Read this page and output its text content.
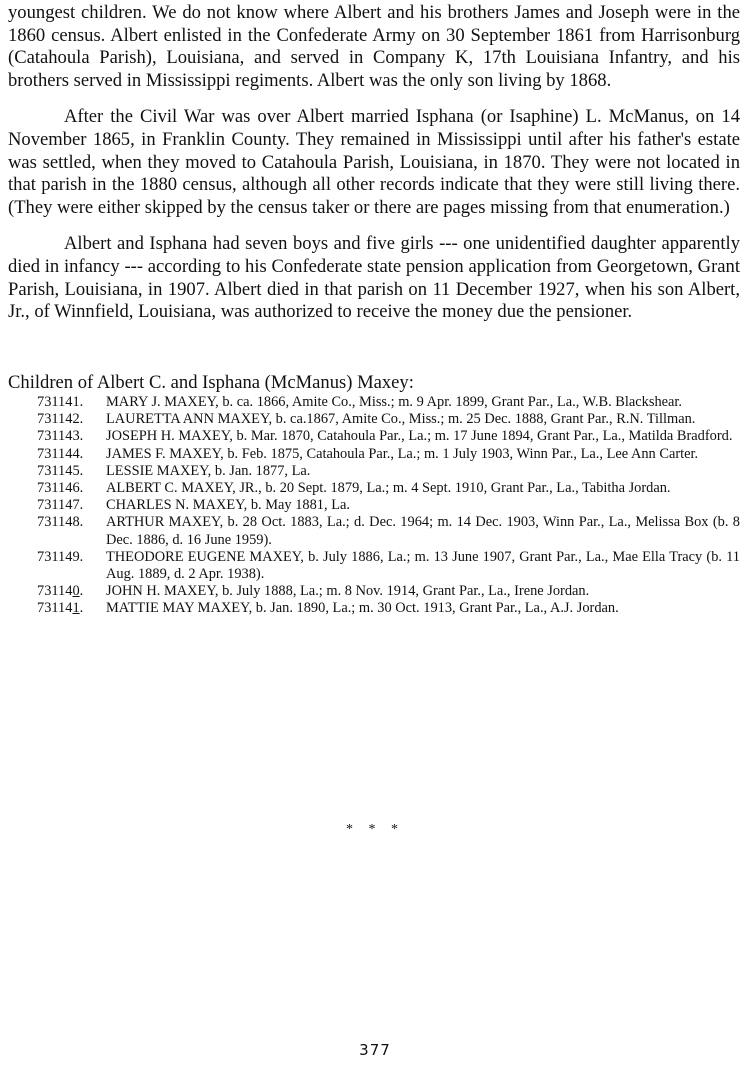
youngest children. We do not know where Albert and his brothers James and Joseph were in the 1860 census. Albert enlisted in the Confederate Army on 30 September 1861 from Harrisonburg (Catahoula Parish), Louisiana, and served in Company K, 17th Louisiana Infantry, and his brothers served in Mississippi regiments. Albert was the only son living by 1868.

After the Civil War was over Albert married Isphana (or Isaphine) L. McManus, on 14 November 1865, in Franklin County. They remained in Mississippi until after his father's estate was settled, when they moved to Catahoula Parish, Louisiana, in 1870. They were not located in that parish in the 1880 census, although all other records indicate that they were still living there. (They were either skipped by the census taker or there are pages missing from that enumeration.)

Albert and Isphana had seven boys and five girls --- one unidentified daughter apparently died in infancy --- according to his Confederate state pension application from Georgetown, Grant Parish, Louisiana, in 1907. Albert died in that parish on 11 December 1927, when his son Albert, Jr., of Winnfield, Louisiana, was authorized to receive the money due the pensioner.

Children of Albert C. and Isphana (McManus) Maxey:

731141.	MARY J. MAXEY, b. ca. 1866, Amite Co., Miss.; m. 9 Apr. 1899, Grant Par., La., W.B. Blackshear.
731142.	LAURETTA ANN MAXEY, b. ca.1867, Amite Co., Miss.; m. 25 Dec. 1888, Grant Par., R.N. Tillman.
731143.	JOSEPH H. MAXEY, b. Mar. 1870, Catahoula Par., La.; m. 17 June 1894, Grant Par., La., Matilda Bradford.
731144.	JAMES F. MAXEY, b. Feb. 1875, Catahoula Par., La.; m. 1 July 1903, Winn Par., La., Lee Ann Carter.
731145.	LESSIE MAXEY, b. Jan. 1877, La.
731146.	ALBERT C. MAXEY, JR., b. 20 Sept. 1879, La.; m. 4 Sept. 1910, Grant Par., La., Tabitha Jordan.
731147.	CHARLES N. MAXEY, b. May 1881, La.
731148.	ARTHUR MAXEY, b. 28 Oct. 1883, La.; d. Dec. 1964; m. 14 Dec. 1903, Winn Par., La., Melissa Box (b. 8 Dec. 1886, d. 16 June 1959).
731149.	THEODORE EUGENE MAXEY, b. July 1886, La.; m. 13 June 1907, Grant Par., La., Mae Ella Tracy (b. 11 Aug. 1889, d. 2 Apr. 1938).
731140.	JOHN H. MAXEY, b. July 1888, La.; m. 8 Nov. 1914, Grant Par., La., Irene Jordan.
731141.	MATTIE MAY MAXEY, b. Jan. 1890, La.; m. 30 Oct. 1913, Grant Par., La., A.J. Jordan.
* * *
377
